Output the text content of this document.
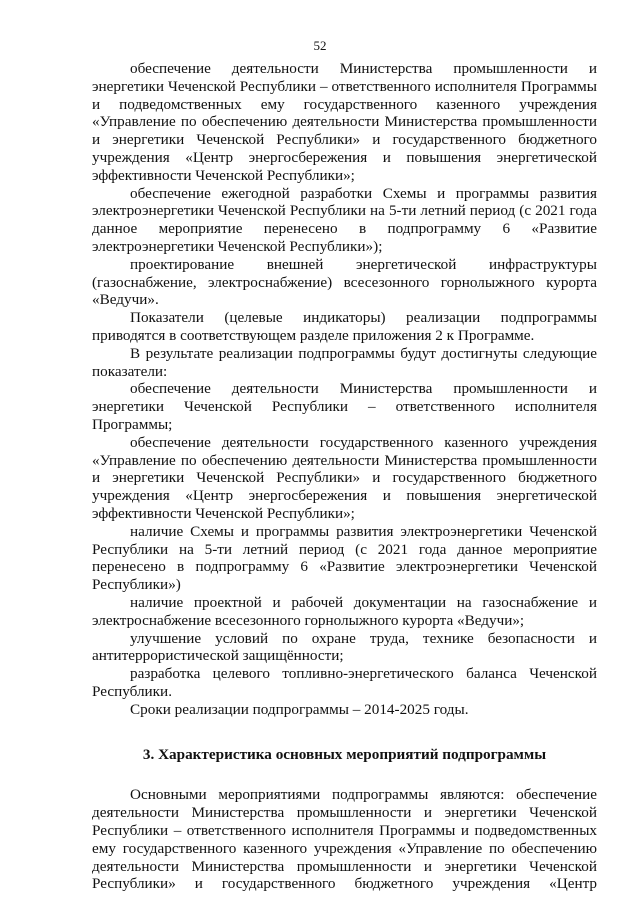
52

обеспечение деятельности Министерства промышленности и энергетики Чеченской Республики – ответственного исполнителя Программы и подведомственных ему государственного казенного учреждения «Управление по обеспечению деятельности Министерства промышленности и энергетики Чеченской Республики» и государственного бюджетного учреждения «Центр энергосбережения и повышения энергетической эффективности Чеченской Республики»;

обеспечение ежегодной разработки Схемы и программы развития электроэнергетики Чеченской Республики на 5-ти летний период (с 2021 года данное мероприятие перенесено в подпрограмму 6 «Развитие электроэнергетики Чеченской Республики»);

проектирование внешней энергетической инфраструктуры (газоснабжение, электроснабжение) всесезонного горнолыжного курорта «Ведучи».

Показатели (целевые индикаторы) реализации подпрограммы приводятся в соответствующем разделе приложения 2 к Программе.

В результате реализации подпрограммы будут достигнуты следующие показатели:

обеспечение деятельности Министерства промышленности и энергетики Чеченской Республики – ответственного исполнителя Программы;

обеспечение деятельности государственного казенного учреждения «Управление по обеспечению деятельности Министерства промышленности и энергетики Чеченской Республики» и государственного бюджетного учреждения «Центр энергосбережения и повышения энергетической эффективности Чеченской Республики»;

наличие Схемы и программы развития электроэнергетики Чеченской Республики на 5-ти летний период (с 2021 года данное мероприятие перенесено в подпрограмму 6 «Развитие электроэнергетики Чеченской Республики»)

наличие проектной и рабочей документации на газоснабжение и электроснабжение всесезонного горнолыжного курорта «Ведучи»;

улучшение условий по охране труда, технике безопасности и антитеррористической защищённости;

разработка целевого топливно-энергетического баланса Чеченской Республики.

Сроки реализации подпрограммы – 2014-2025 годы.

3. Характеристика основных мероприятий подпрограммы

Основными мероприятиями подпрограммы являются: обеспечение деятельности Министерства промышленности и энергетики Чеченской Республики – ответственного исполнителя Программы и подведомственных ему государственного казенного учреждения «Управление по обеспечению деятельности Министерства промышленности и энергетики Чеченской Республики» и государственного бюджетного учреждения «Центр
